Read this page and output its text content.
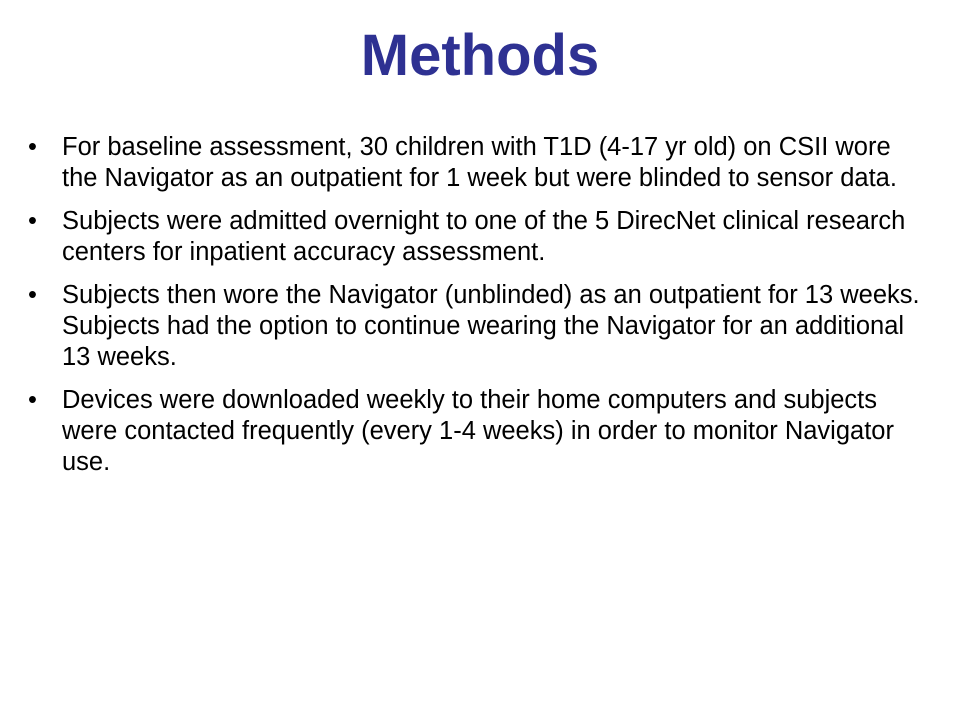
Methods
• For baseline assessment, 30 children with T1D (4-17 yr old) on CSII wore the Navigator as an outpatient for 1 week but were blinded to sensor data.
• Subjects were admitted overnight to one of the 5 DirecNet clinical research centers for inpatient accuracy assessment.
• Subjects then wore the Navigator (unblinded) as an outpatient for 13 weeks. Subjects had the option to continue wearing the Navigator for an additional 13 weeks.
• Devices were downloaded weekly to their home computers and subjects were contacted frequently (every 1-4 weeks) in order to monitor Navigator use.
